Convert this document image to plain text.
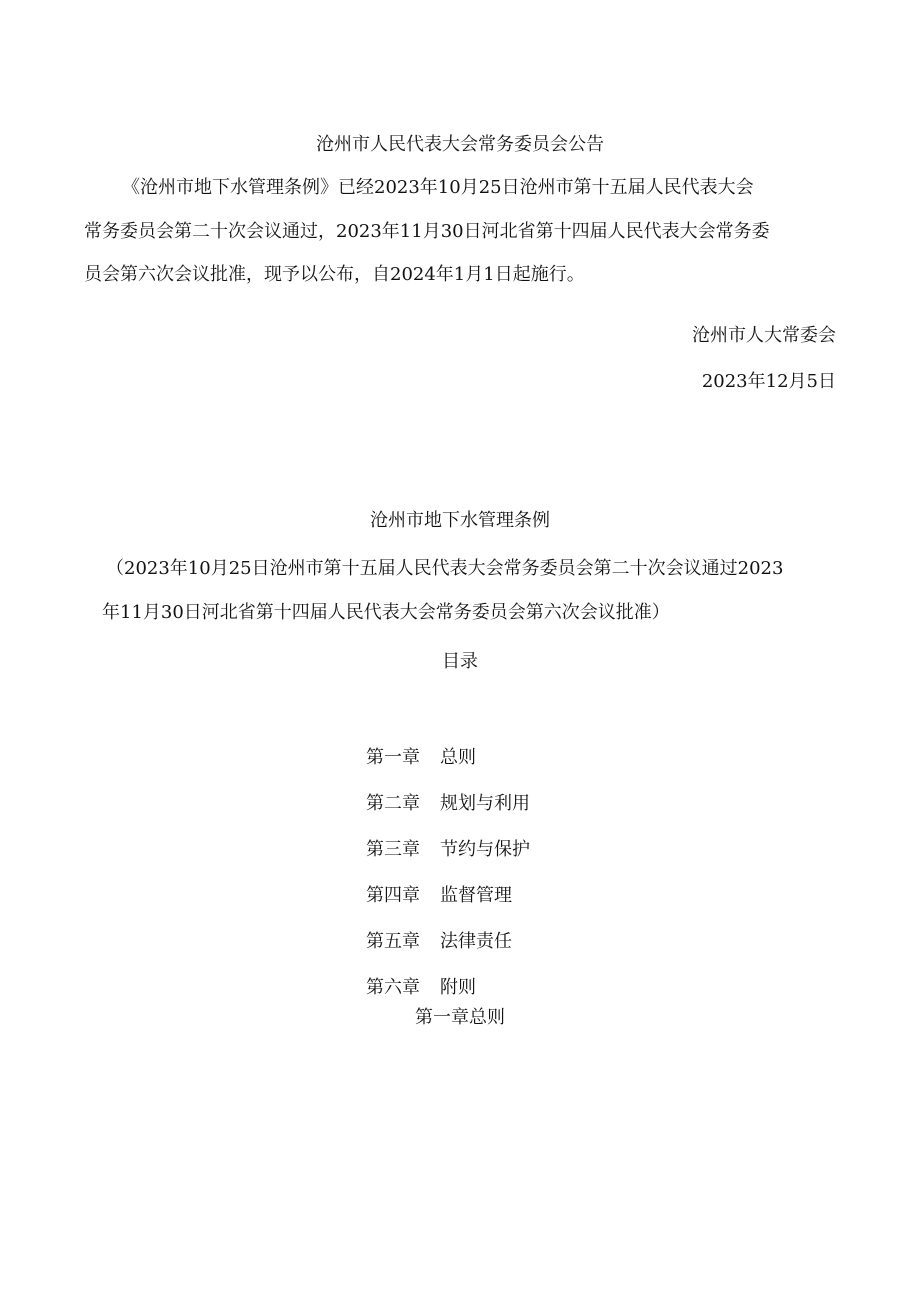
沧州市人民代表大会常务委员会公告
《沧州市地下水管理条例》已经2023年10月25日沧州市第十五届人民代表大会
常务委员会第二十次会议通过，2023年11月30日河北省第十四届人民代表大会常务委
员会第六次会议批准，现予以公布，自2024年1月1日起施行。
沧州市人大常委会
2023年12月5日
沧州市地下水管理条例
（2023年10月25日沧州市第十五届人民代表大会常务委员会第二十次会议通过2023
年11月30日河北省第十四届人民代表大会常务委员会第六次会议批准）
目录
第一章 总则
第二章 规划与利用
第三章 节约与保护
第四章 监督管理
第五章 法律责任
第六章 附则
第一章总则
